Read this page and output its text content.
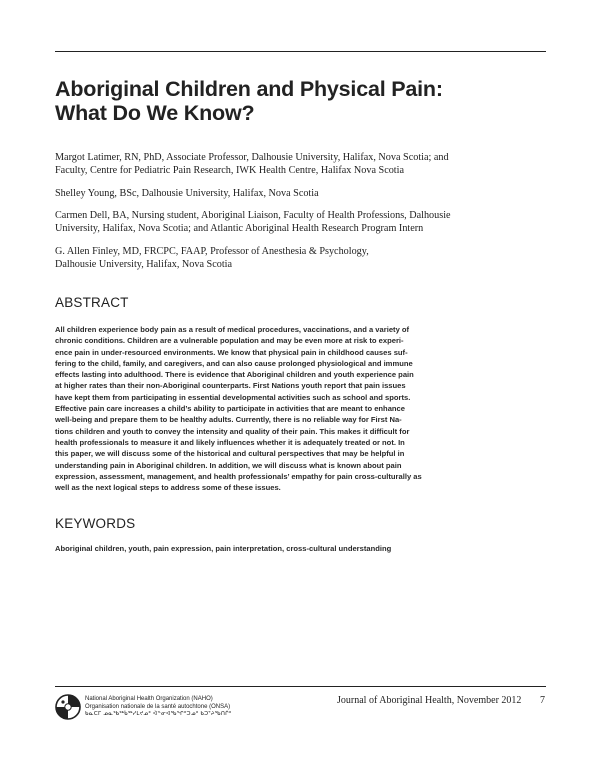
Aboriginal Children and Physical Pain:
What Do We Know?

Margot Latimer, RN, PhD, Associate Professor, Dalhousie University, Halifax, Nova Scotia; and
Faculty, Centre for Pediatric Pain Research, IWK Health Centre, Halifax Nova Scotia

Shelley Young, BSc, Dalhousie University, Halifax, Nova Scotia

Carmen Dell, BA, Nursing student, Aboriginal Liaison, Faculty of Health Professions, Dalhousie
University, Halifax, Nova Scotia; and Atlantic Aboriginal Health Research Program Intern

G. Allen Finley, MD, FRCPC, FAAP, Professor of Anesthesia & Psychology,
Dalhousie University, Halifax, Nova Scotia

ABSTRACT
All children experience body pain as a result of medical procedures, vaccinations, and a variety of
chronic conditions. Children are a vulnerable population and may be even more at risk to experi-
ence pain in under-resourced environments. We know that physical pain in childhood causes suf-
fering to the child, family, and caregivers, and can also cause prolonged physiological and immune
effects lasting into adulthood. There is evidence that Aboriginal children and youth experience pain
at higher rates than their non-Aboriginal counterparts. First Nations youth report that pain issues
have kept them from participating in essential developmental activities such as school and sports.
Effective pain care increases a child’s ability to participate in activities that are meant to enhance
well-being and prepare them to be healthy adults. Currently, there is no reliable way for First Na-
tions children and youth to convey the intensity and quality of their pain. This makes it difficult for
health professionals to measure it and likely influences whether it is adequately treated or not. In
this paper, we will discuss some of the historical and cultural perspectives that may be helpful in
understanding pain in Aboriginal children. In addition, we will discuss what is known about pain
expression, assessment, management, and health professionals’ empathy for pain cross-culturally as
well as the next logical steps to address some of these issues.
KEYWORDS

Aboriginal children, youth, pain expression, pain interpretation, cross-cultural understanding

National Aboriginal Health Organization (NAHO)
Organisation nationale de la santé autochtone (ONSA)
ᑲᓇᑕᒥ ᓄᓇᖃᖅᑳᖅᓯᒪᔪᓄᑦ ᐋᓐᓂᐊᖃᖏᑦᑐᓄᑦ ᑲᑐᔾᔨᖃᑎᒌᑦ
Journal of Aboriginal Health, November 2012 7
